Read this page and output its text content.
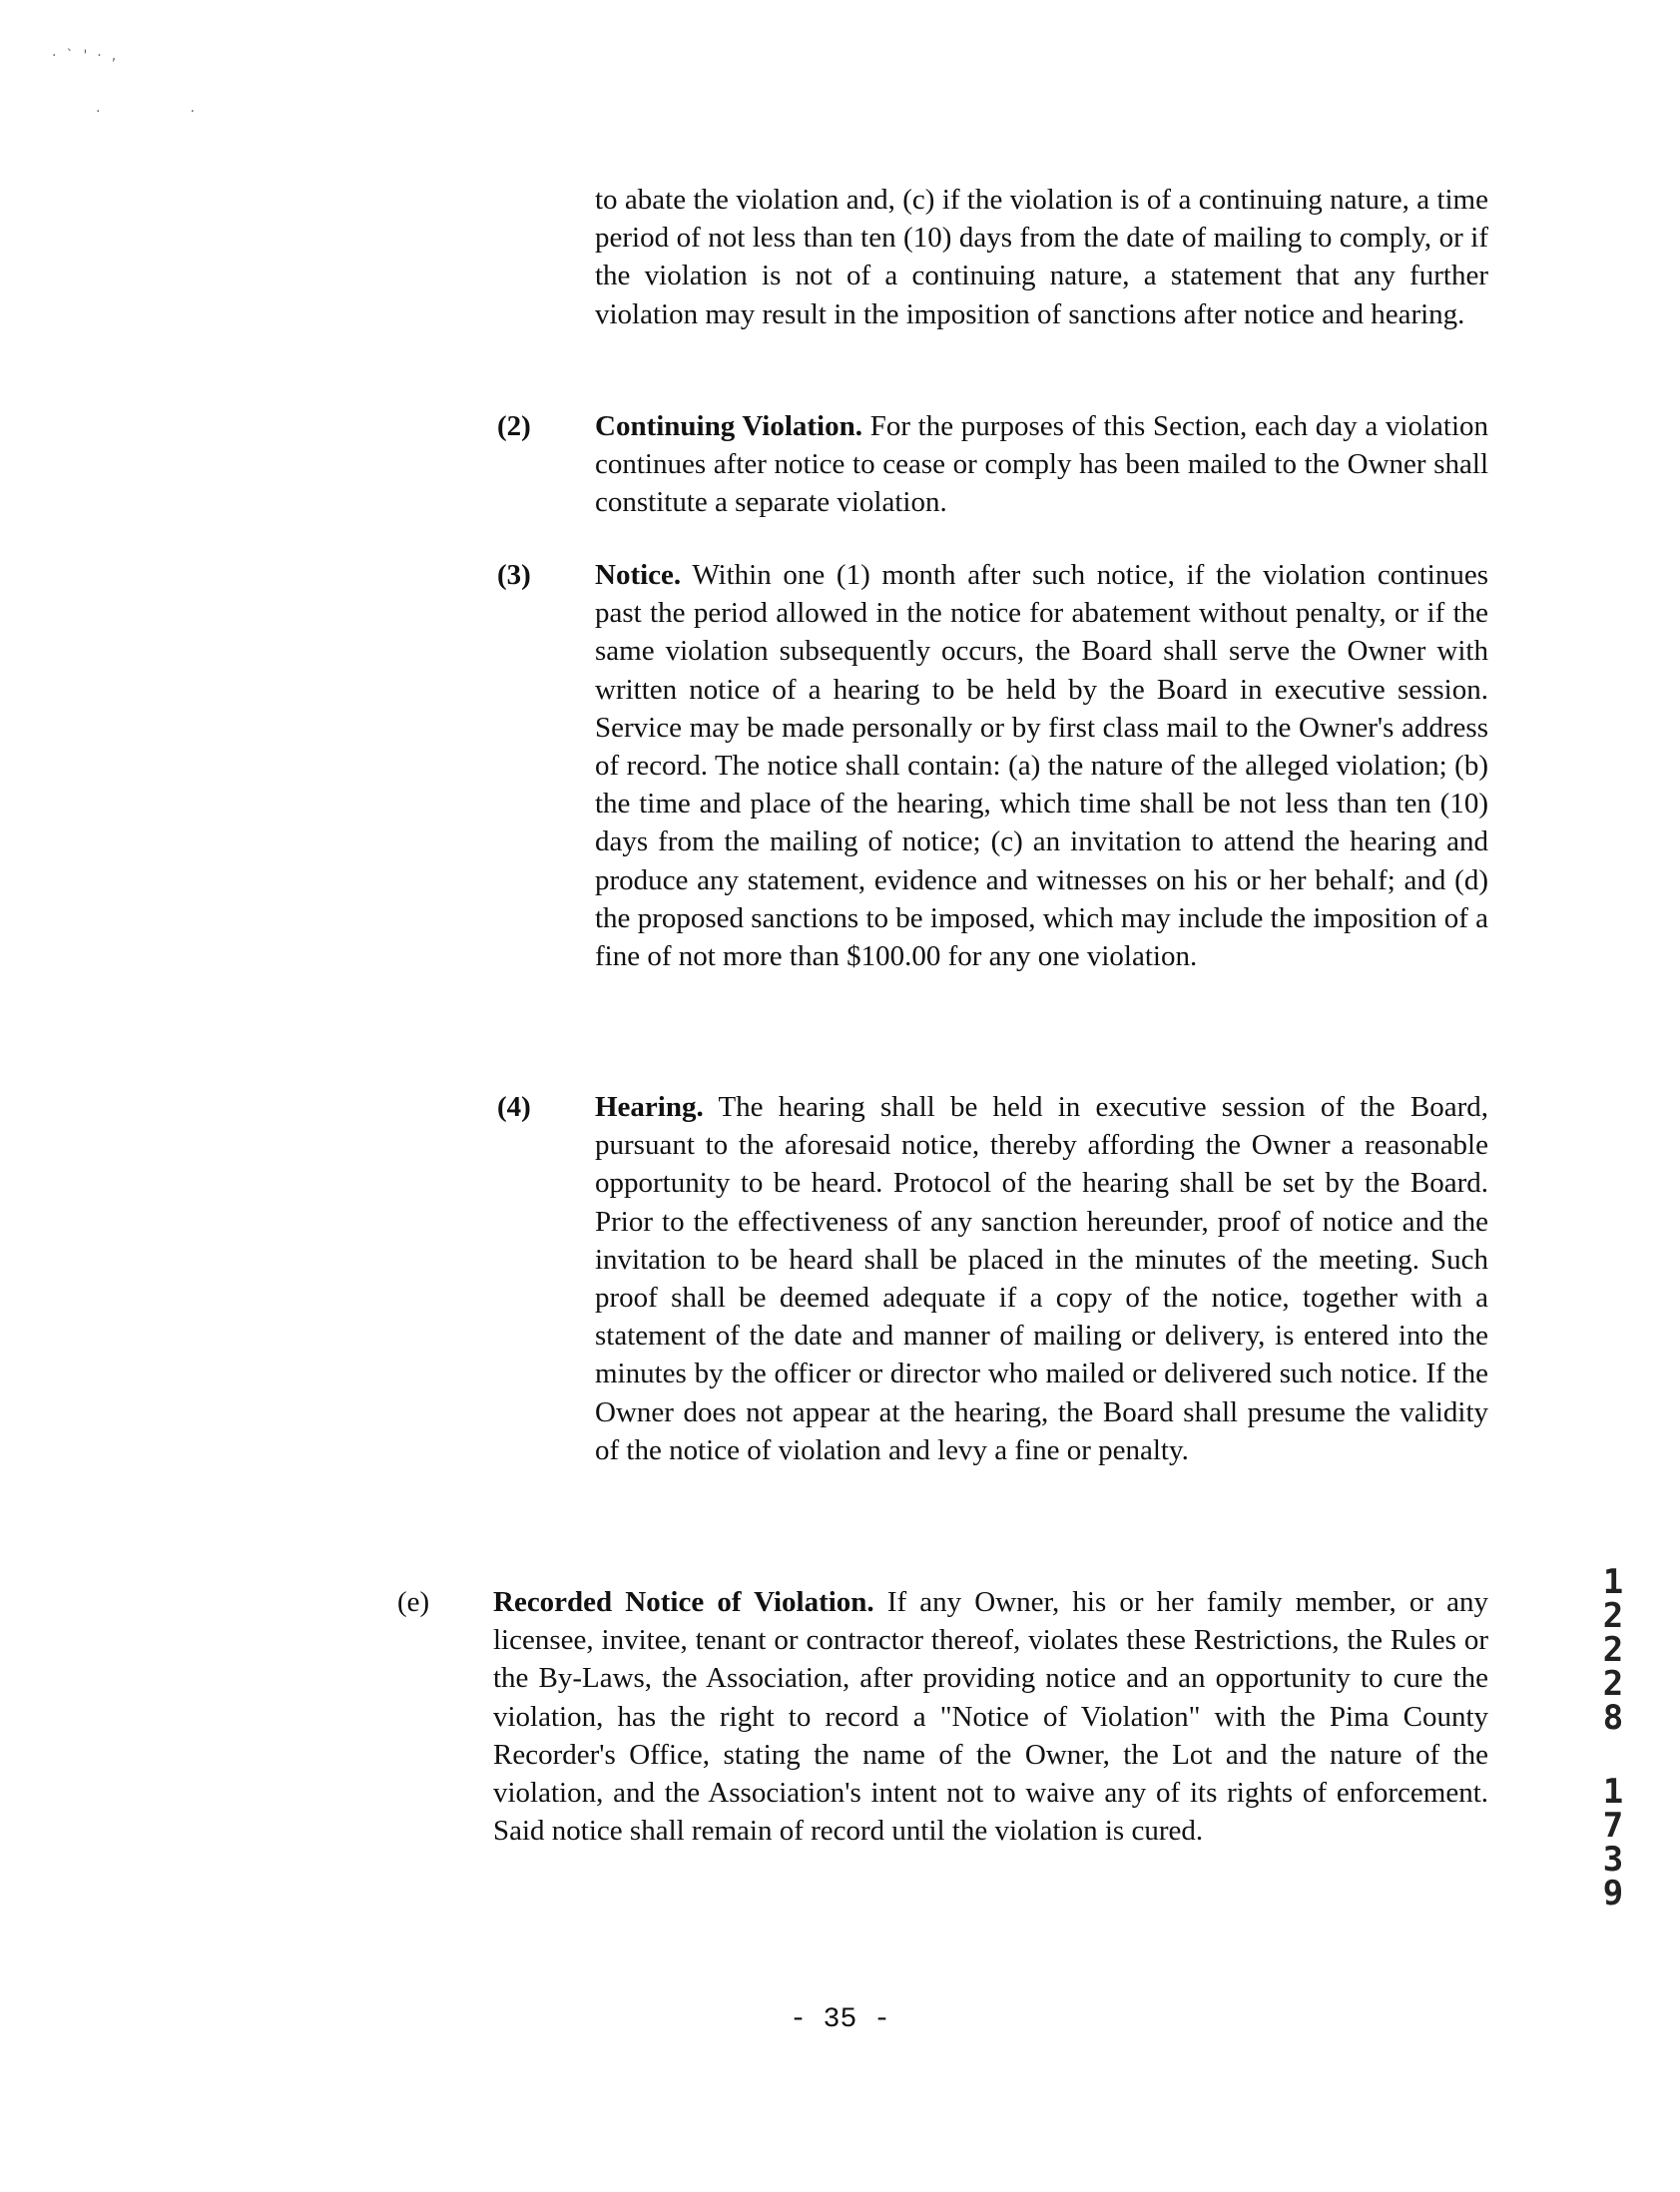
·`'·,
··

to abate the violation and, (c) if the violation is of a continuing nature, a time period of not less than ten (10) days from the date of mailing to comply, or if the violation is not of a continuing nature, a statement that any further violation may result in the imposition of sanctions after notice and hearing.

(2) Continuing Violation. For the purposes of this Section, each day a violation continues after notice to cease or comply has been mailed to the Owner shall constitute a separate violation.

(3) Notice. Within one (1) month after such notice, if the violation continues past the period allowed in the notice for abatement without penalty, or if the same violation subsequently occurs, the Board shall serve the Owner with written notice of a hearing to be held by the Board in executive session. Service may be made personally or by first class mail to the Owner's address of record. The notice shall contain: (a) the nature of the alleged violation; (b) the time and place of the hearing, which time shall be not less than ten (10) days from the mailing of notice; (c) an invitation to attend the hearing and produce any statement, evidence and witnesses on his or her behalf; and (d) the proposed sanctions to be imposed, which may include the imposition of a fine of not more than $100.00 for any one violation.

(4) Hearing. The hearing shall be held in executive session of the Board, pursuant to the aforesaid notice, thereby affording the Owner a reasonable opportunity to be heard. Protocol of the hearing shall be set by the Board. Prior to the effectiveness of any sanction hereunder, proof of notice and the invitation to be heard shall be placed in the minutes of the meeting. Such proof shall be deemed adequate if a copy of the notice, together with a statement of the date and manner of mailing or delivery, is entered into the minutes by the officer or director who mailed or delivered such notice. If the Owner does not appear at the hearing, the Board shall presume the validity of the notice of violation and levy a fine or penalty.

(e) Recorded Notice of Violation. If any Owner, his or her family member, or any licensee, invitee, tenant or contractor thereof, violates these Restrictions, the Rules or the By-Laws, the Association, after providing notice and an opportunity to cure the violation, has the right to record a "Notice of Violation" with the Pima County Recorder's Office, stating the name of the Owner, the Lot and the nature of the violation, and the Association's intent not to waive any of its rights of enforcement. Said notice shall remain of record until the violation is cured.

1
2
2
2
8
1
7
3
9
- 35 -
